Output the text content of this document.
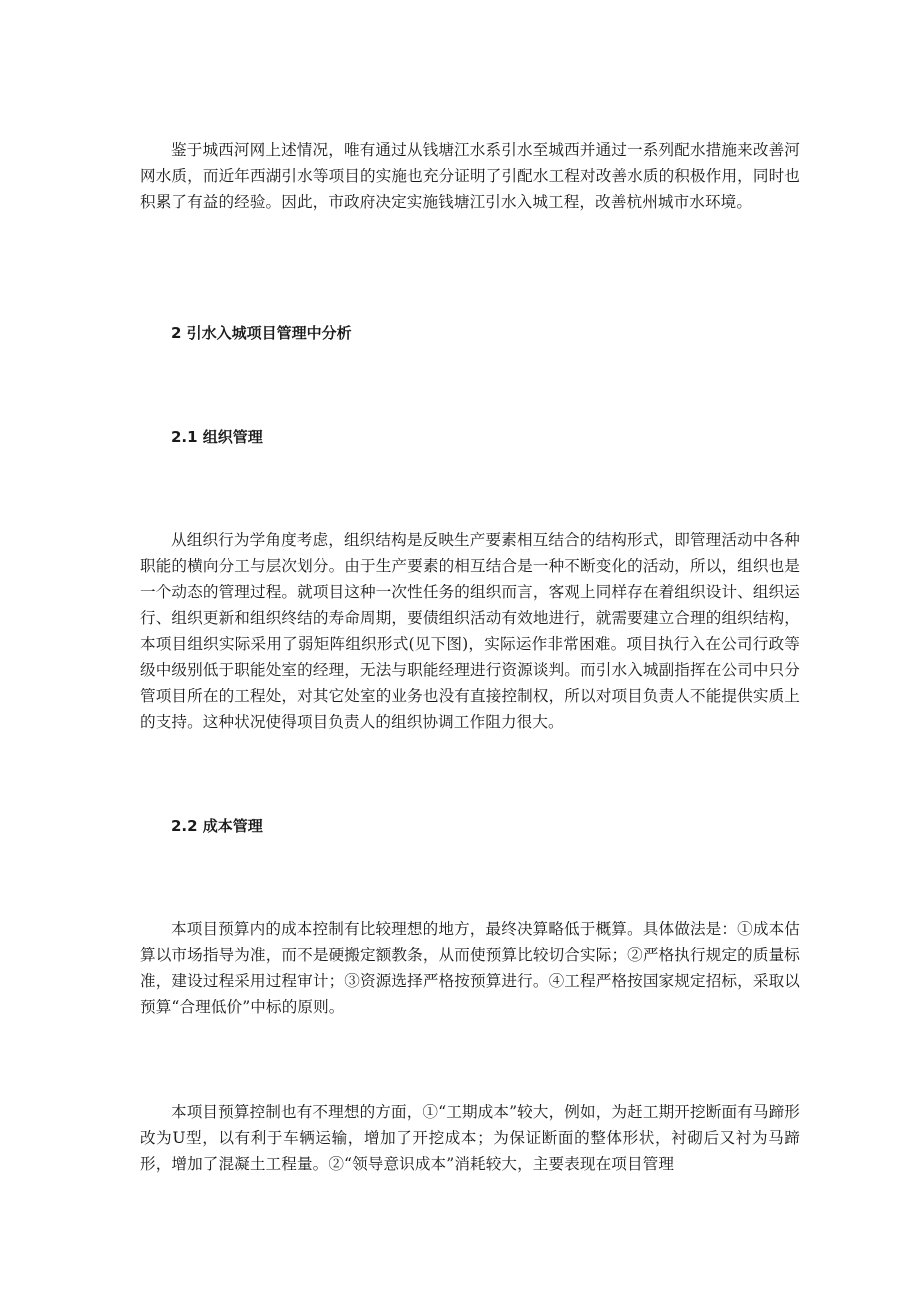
鉴于城西河网上述情况，唯有通过从钱塘江水系引水至城西并通过一系列配水措施来改善河网水质，而近年西湖引水等项目的实施也充分证明了引配水工程对改善水质的积极作用，同时也积累了有益的经验。因此，市政府决定实施钱塘江引水入城工程，改善杭州城市水环境。

2 引水入城项目管理中分析
2.1 组织管理

从组织行为学角度考虑，组织结构是反映生产要素相互结合的结构形式，即管理活动中各种职能的横向分工与层次划分。由于生产要素的相互结合是一种不断变化的活动，所以，组织也是一个动态的管理过程。就项目这种一次性任务的组织而言，客观上同样存在着组织设计、组织运行、组织更新和组织终结的寿命周期，要债组织活动有效地进行，就需要建立合理的组织结构，本项目组织实际采用了弱矩阵组织形式(见下图)，实际运作非常困难。项目执行入在公司行政等级中级别低于职能处室的经理，无法与职能经理进行资源谈判。而引水入城副指挥在公司中只分管项目所在的工程处，对其它处室的业务也没有直接控制权，所以对项目负责人不能提供实质上的支持。这种状况使得项目负责人的组织协调工作阻力很大。

2.2 成本管理

本项目预算内的成本控制有比较理想的地方，最终决算略低于概算。具体做法是：①成本估算以市场指导为准，而不是硬搬定额教条，从而使预算比较切合实际；②严格执行规定的质量标准，建设过程采用过程审计；③资源选择严格按预算进行。④工程严格按国家规定招标，采取以预算“合理低价”中标的原则。

本项目预算控制也有不理想的方面，①“工期成本”较大，例如，为赶工期开挖断面有马蹄形改为U型，以有利于车辆运输，增加了开挖成本；为保证断面的整体形状，衬砌后又衬为马蹄形，增加了混凝土工程量。②“领导意识成本”消耗较大，主要表现在项目管理
